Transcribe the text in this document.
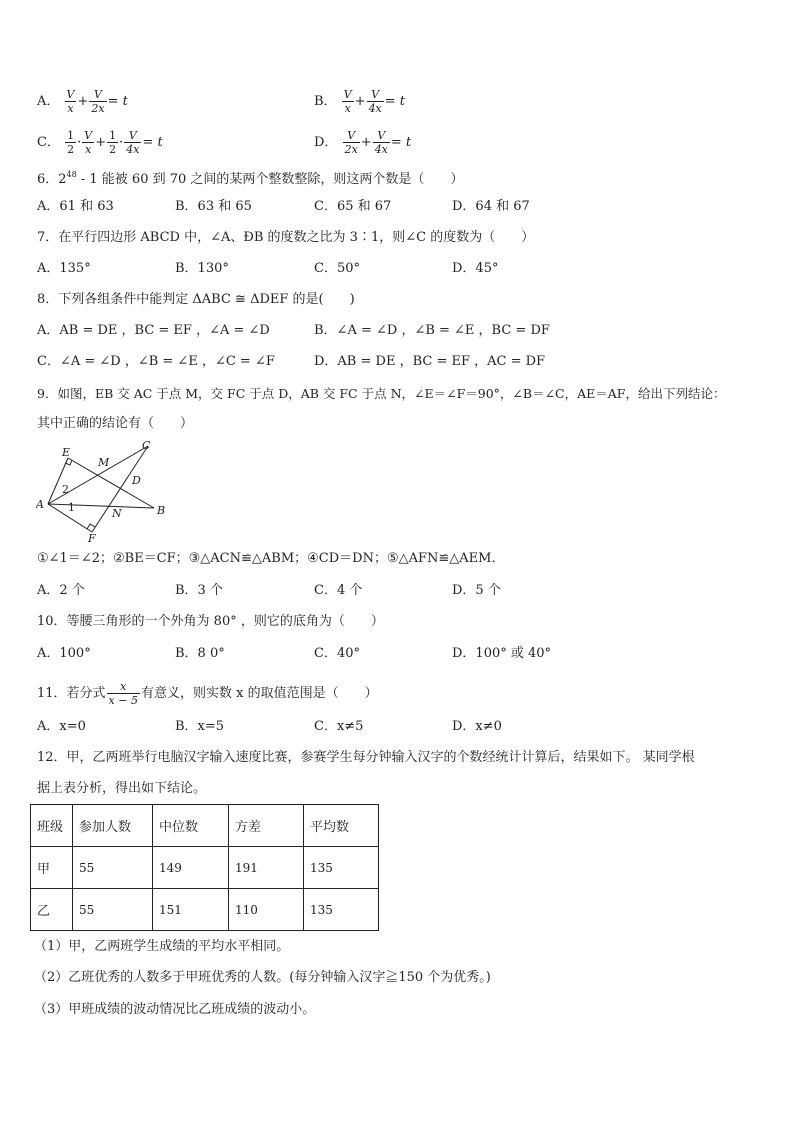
A． $\frac{V}{x} + \frac{V}{2x} = t$	B． $\frac{V}{x} + \frac{V}{4x} = t$
C． $\frac{1}{2} \cdot \frac{V}{x} + \frac{1}{2} \cdot \frac{V}{4x} = t$	D． $\frac{V}{2x} + \frac{V}{4x} = t$
6．$2^{48} - 1$ 能被 60 到 70 之间的某两个整数整除，则这两个数是（　　）
A．61 和 63	B．63 和 65	C．65 和 67	D．64 和 67
7．在平行四边形 ABCD 中，∠A、ÐB 的度数之比为 3∶1，则∠C 的度数为（　　）
A．135°	B．130°	C．50°	D．45°
8．下列各组条件中能判定 ΔABC ≅ ΔDEF 的是(　　)
A．AB = DE ，BC = EF ，∠A = ∠D	B．∠A = ∠D ，∠B = ∠E ，BC = DF
C．∠A = ∠D ，∠B = ∠E ，∠C = ∠F	D．AB = DE ，BC = EF ，AC = DF
9．如图，EB 交 AC 于点 M，交 FC 于点 D，AB 交 FC 于点 N，∠E＝∠F＝90°，∠B＝∠C，AE＝AF，给出下列结论：
其中正确的结论有（　　）
E
M
C
D
2
A 1	N	B
F
①∠1＝∠2；②BE＝CF；③△ACN≌△ABM；④CD＝DN；⑤△AFN≌△AEM．
A．2 个	B．3 个	C．4 个	D．5 个
10．等腰三角形的一个外角为 80° ，则它的底角为（　　）
A．100°	B．8 0°	C．40°	D．100° 或 40°
11．若分式 $\frac{x}{x - 5}$ 有意义，则实数 x 的取值范围是（　　）
A．x=0	B．x=5	C．x≠5	D．x≠0
12．甲，乙两班举行电脑汉字输入速度比赛，参赛学生每分钟输入汉字的个数经统计计算后，结果如下。 某同学根
据上表分析，得出如下结论。
班级	参加人数	中位数	方差	平均数
甲	55	149	191	135
乙	55	151	110	135
（1）甲，乙两班学生成绩的平均水平相同。
（2）乙班优秀的人数多于甲班优秀的人数。(每分钟输入汉字≧150 个为优秀。)
（3）甲班成绩的波动情况比乙班成绩的波动小。
